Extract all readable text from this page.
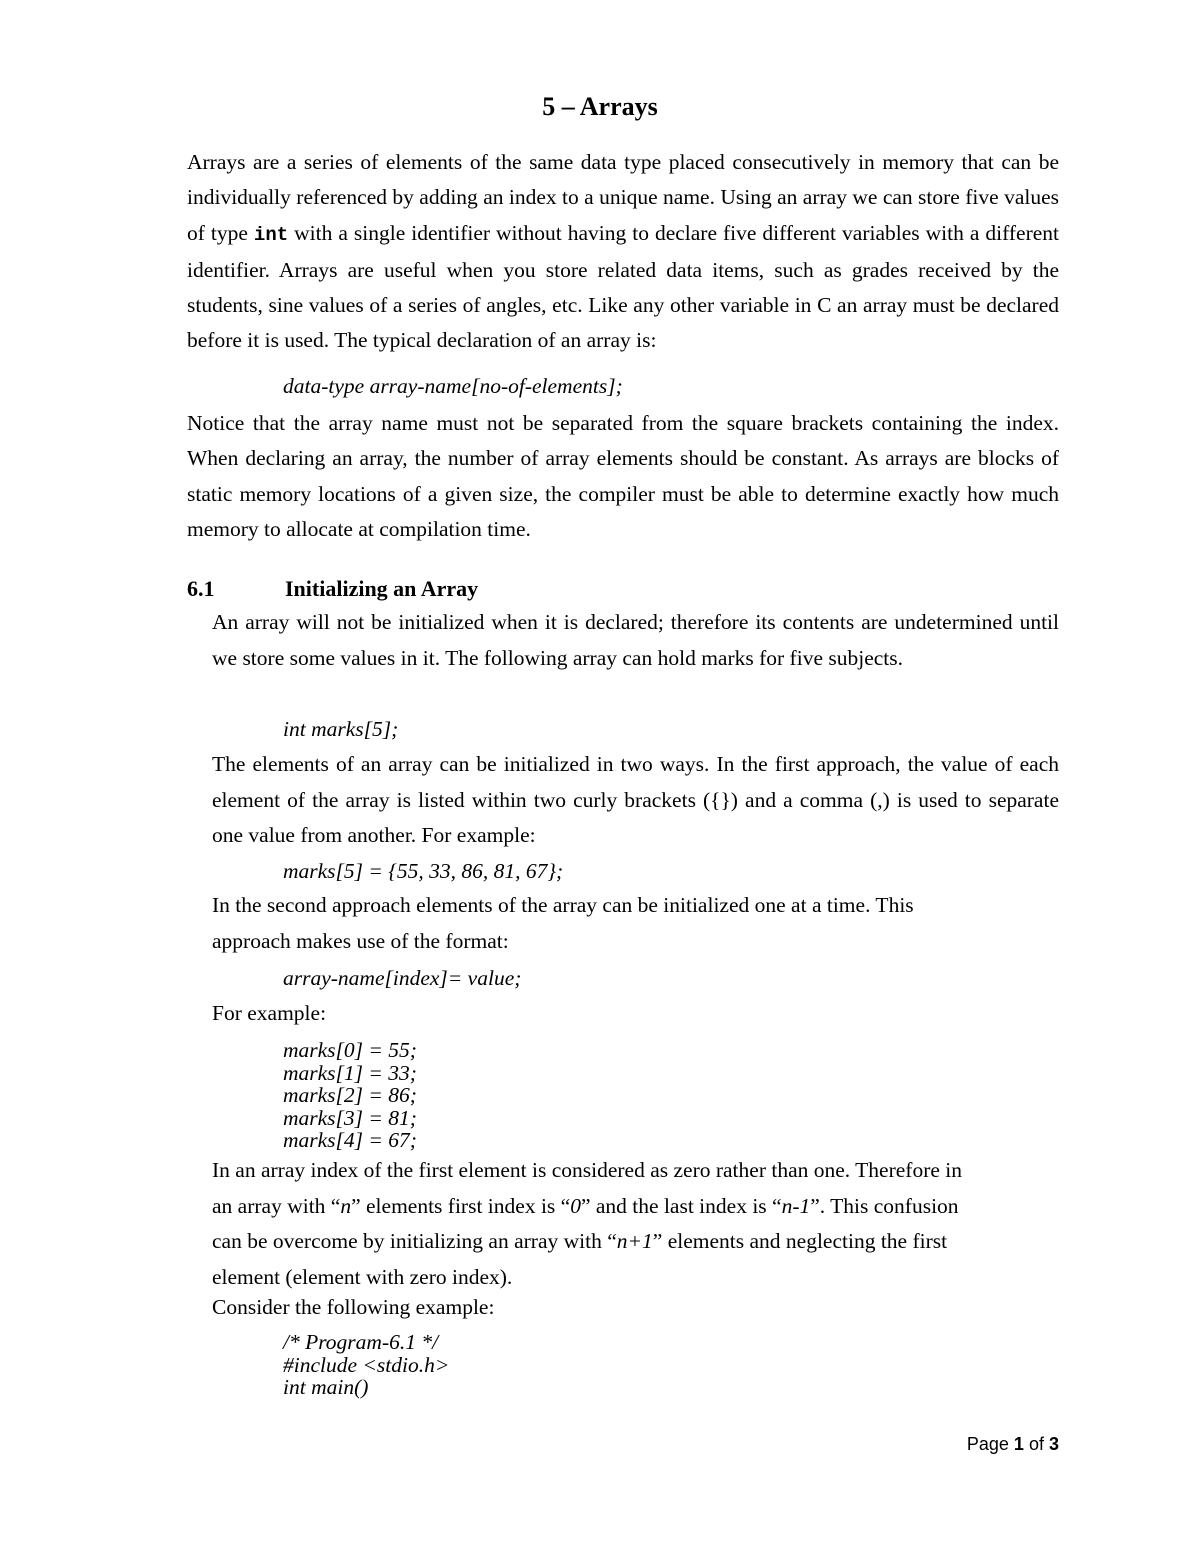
5 – Arrays
Arrays are a series of elements of the same data type placed consecutively in memory that can be individually referenced by adding an index to a unique name. Using an array we can store five values of type int with a single identifier without having to declare five different variables with a different identifier. Arrays are useful when you store related data items, such as grades received by the students, sine values of a series of angles, etc. Like any other variable in C an array must be declared before it is used. The typical declaration of an array is:
data-type array-name[no-of-elements];
Notice that the array name must not be separated from the square brackets containing the index. When declaring an array, the number of array elements should be constant. As arrays are blocks of static memory locations of a given size, the compiler must be able to determine exactly how much memory to allocate at compilation time.
6.1	Initializing an Array
An array will not be initialized when it is declared; therefore its contents are undetermined until we store some values in it. The following array can hold marks for five subjects.
int marks[5];
The elements of an array can be initialized in two ways. In the first approach, the value of each element of the array is listed within two curly brackets ({}) and a comma (,) is used to separate one value from another. For example:
marks[5] = {55, 33, 86, 81, 67};
In the second approach elements of the array can be initialized one at a time. This
approach makes use of the format:
array-name[index]= value;
For example:
marks[0] = 55;
marks[1] = 33;
marks[2] = 86;
marks[3] = 81;
marks[4] = 67;
In an array index of the first element is considered as zero rather than one. Therefore in
an array with “n” elements first index is “0” and the last index is “n-1”. This confusion
can be overcome by initializing an array with “n+1” elements and neglecting the first
element (element with zero index).
Consider the following example:
/* Program-6.1 */
#include <stdio.h>
int main()
Page 1 of 3
